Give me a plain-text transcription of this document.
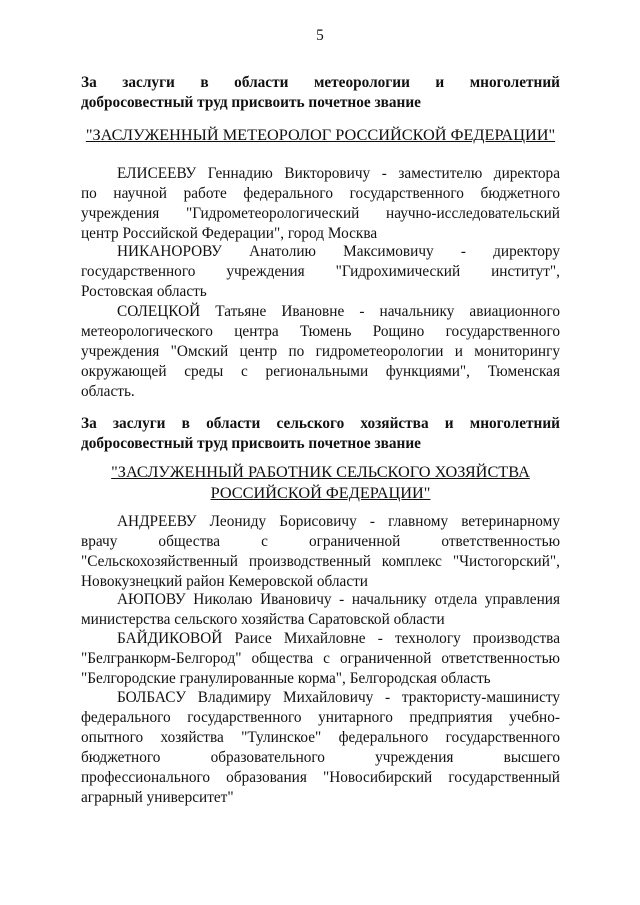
5
За заслуги в области метеорологии и многолетний
добросовестный труд присвоить почетное звание
"ЗАСЛУЖЕННЫЙ МЕТЕОРОЛОГ РОССИЙСКОЙ ФЕДЕРАЦИИ"
ЕЛИСЕЕВУ Геннадию Викторовичу - заместителю директора
по научной работе федерального государственного бюджетного
учреждения "Гидрометеорологический научно-исследовательский
центр Российской Федерации", город Москва
НИКАНОРОВУ Анатолию Максимовичу - директору
государственного учреждения "Гидрохимический институт",
Ростовская область
СОЛЕЦКОЙ Татьяне Ивановне - начальнику авиационного
метеорологического центра Тюмень Рощино государственного
учреждения "Омский центр по гидрометеорологии и мониторингу
окружающей среды с региональными функциями", Тюменская
область.
За заслуги в области сельского хозяйства и многолетний
добросовестный труд присвоить почетное звание
"ЗАСЛУЖЕННЫЙ РАБОТНИК СЕЛЬСКОГО ХОЗЯЙСТВА
РОССИЙСКОЙ ФЕДЕРАЦИИ"
АНДРЕЕВУ Леониду Борисовичу - главному ветеринарному
врачу общества с ограниченной ответственностью
"Сельскохозяйственный производственный комплекс "Чистогорский",
Новокузнецкий район Кемеровской области
АЮПОВУ Николаю Ивановичу - начальнику отдела управления
министерства сельского хозяйства Саратовской области
БАЙДИКОВОЙ Раисе Михайловне - технологу производства
"Белгранкорм-Белгород" общества с ограниченной ответственностью
"Белгородские гранулированные корма", Белгородская область
БОЛБАСУ Владимиру Михайловичу - трактористу-машинисту
федерального государственного унитарного предприятия учебно-
опытного хозяйства "Тулинское" федерального государственного
бюджетного образовательного учреждения высшего
профессионального образования "Новосибирский государственный
аграрный университет"
